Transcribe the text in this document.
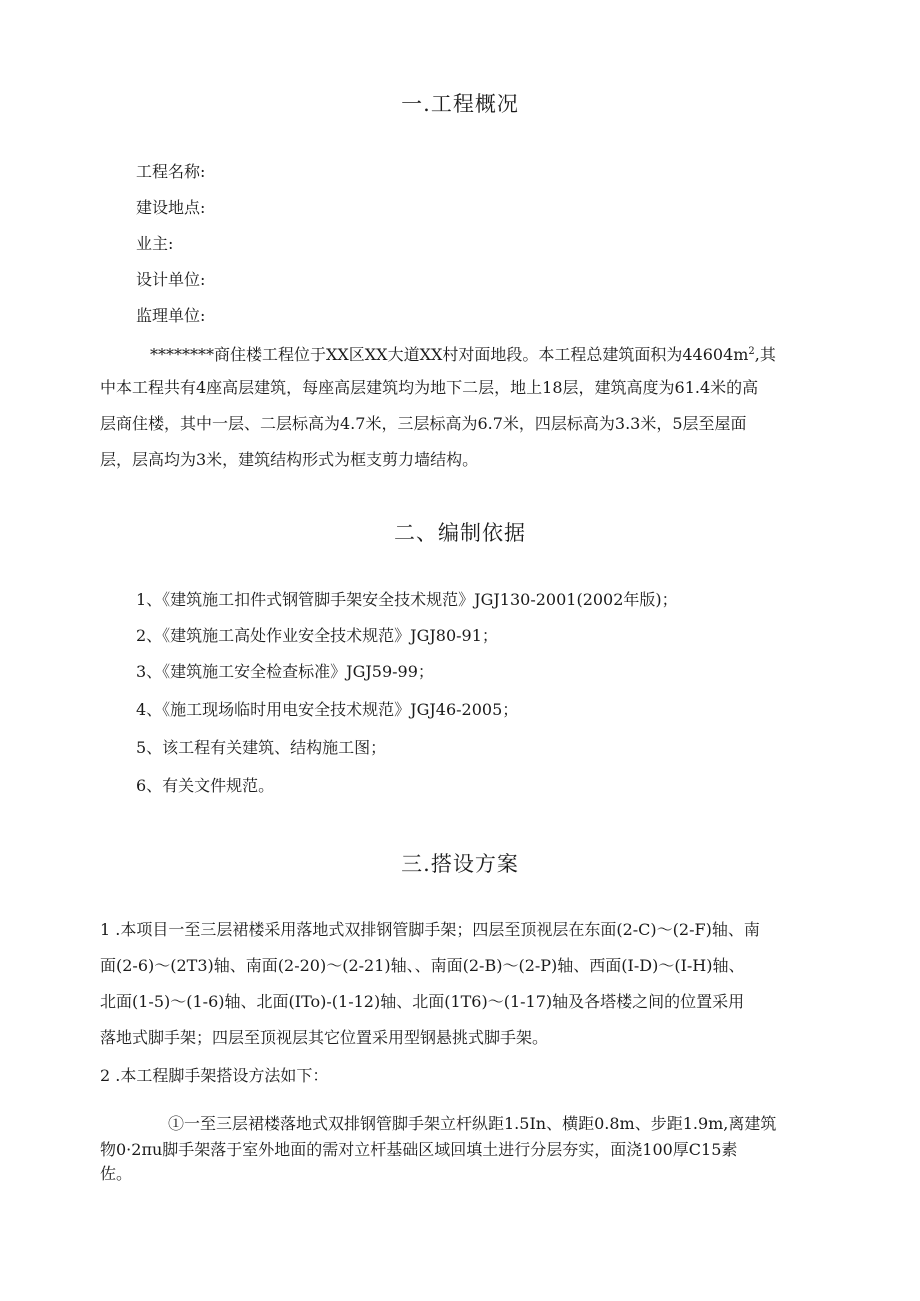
一.工程概况
工程名称:
建设地点:
业主:
设计单位:
监理单位:
********商住楼工程位于XX区XX大道XX村对面地段。本工程总建筑面积为$44604m^2$,其
中本工程共有4座高层建筑，每座高层建筑均为地下二层，地上18层，建筑高度为61.4米的高
层商住楼，其中一层、二层标高为4.7米，三层标高为6.7米，四层标高为3.3米，5层至屋面
层，层高均为3米，建筑结构形式为框支剪力墙结构。
二、编制依据
1、《建筑施工扣件式钢管脚手架安全技术规范》JGJ130-2001(2002年版)；
2、《建筑施工高处作业安全技术规范》JGJ80-91；
3、《建筑施工安全检查标准》JGJ59-99；
4、《施工现场临时用电安全技术规范》JGJ46-2005；
5、该工程有关建筑、结构施工图；
6、有关文件规范。
三.搭设方案
1 .本项目一至三层裙楼采用落地式双排钢管脚手架；四层至顶视层在东面(2-C)～(2-F)轴、南
面(2-6)～(2T3)轴、南面(2-20)～(2-21)轴、、南面(2-B)～(2-P)轴、西面(I-D)～(I-H)轴、
北面(1-5)～(1-6)轴、北面(ITo)-(1-12)轴、北面(1T6)～(1-17)轴及各塔楼之间的位置采用
落地式脚手架；四层至顶视层其它位置采用型钢悬挑式脚手架。
2 .本工程脚手架搭设方法如下：
①一至三层裙楼落地式双排钢管脚手架立杆纵距1.5In、横距0.8m、步距1.9m,离建筑
物0·2πu脚手架落于室外地面的需对立杆基础区域回填土进行分层夯实，面浇100厚C15素
佐。
